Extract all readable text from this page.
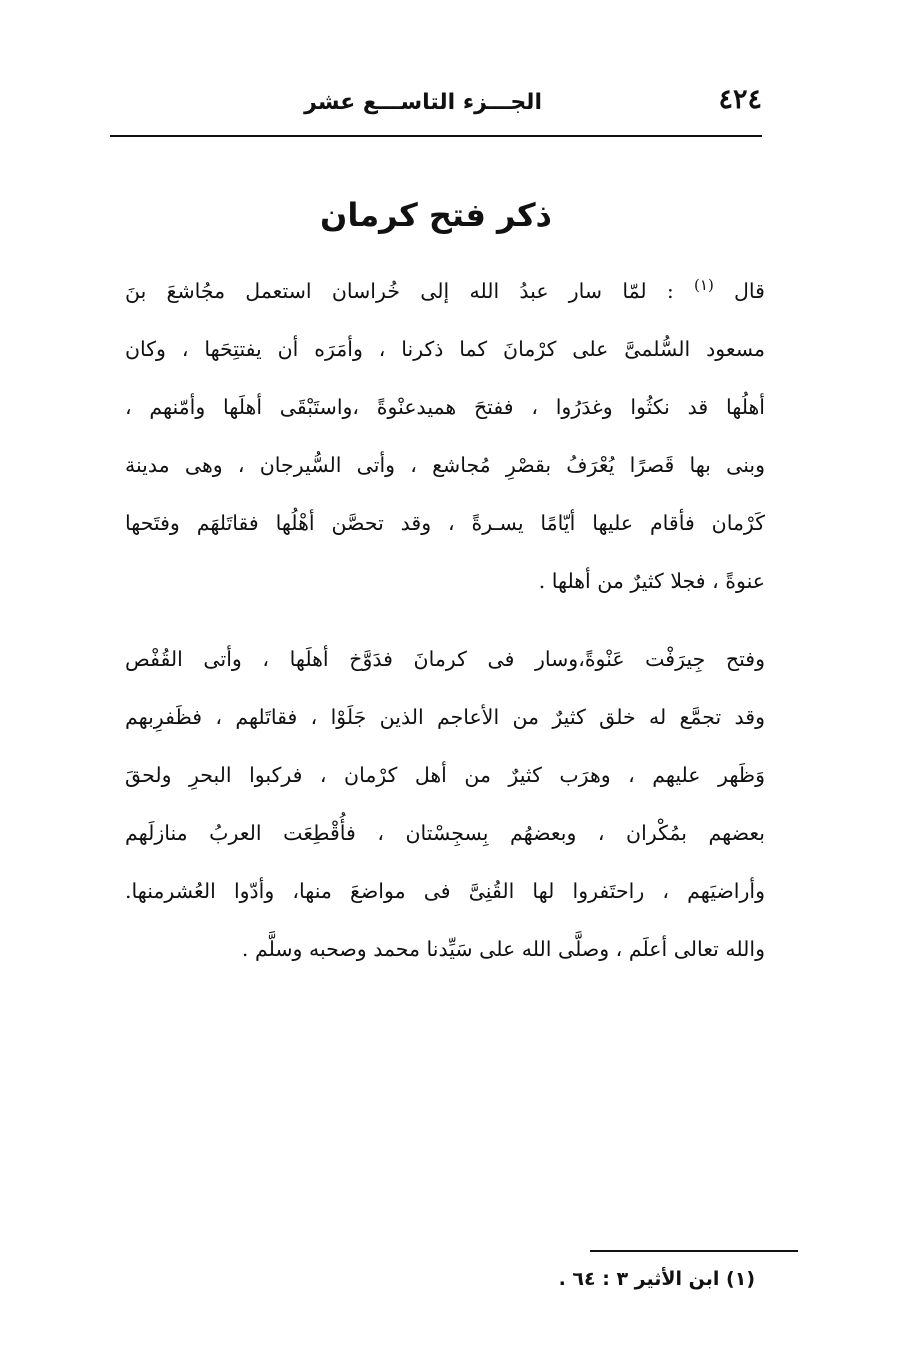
٤٢٤
الجـــزء التاســـع عشر
ذكر فتح كرمان
قال $^{(١)}$ : لمّا سار عبدُ الله إلى خُراسان استعمل مجُاشعَ بنَ
مسعود السُّلمىَّ على كرْمانَ كما ذكرنا ، وأمَرَه أن يفتتِحَها ، وكان
أهلُها قد نكثُوا وغدَرُوا ، ففتحَ هميدعنْوةً ،واستَبْقَى أهلَها وأمّنهم ،
وبنى بها قَصرًا يُعْرَفُ بقصْرِ مُجاشع ، وأتى السُّيرجان ، وهى مدينة
كَرْمان فأقام عليها أيّامًا يسـرةً ، وقد تحصَّن أهْلُها فقاتَلهَم وفتَحها
عنوةً ، فجلا كثيرٌ من أهلها .
وفتح جِيرَفْت عَنْوةً،وسار فى كرمانَ فدَوَّخ أهلَها ، وأتى القُفْص
وقد تجمَّع له خلق كثيرٌ من الأعاجم الذين جَلَوْا ، فقاتَلهم ، فظَفرِبهم
وَظَهر عليهم ، وهرَب كثيرٌ من أهل كرْمان ، فركبوا البحرِ ولحقَ
بعضهم بمُكْران ، وبعضهُم بِسجِسْتان ، فأُقْطِعَت العربُ منازلَهم
وأراضيَهم ، راحتَفروا لها القُنِىَّ فى مواضعَ منها، وأدّوا العُشرمنها.
والله تعالى أعلَم ، وصلَّى الله على سَيِّدنا محمد وصحبه وسلَّم .
(١) ابن الأثير ٣ : ٦٤ .
